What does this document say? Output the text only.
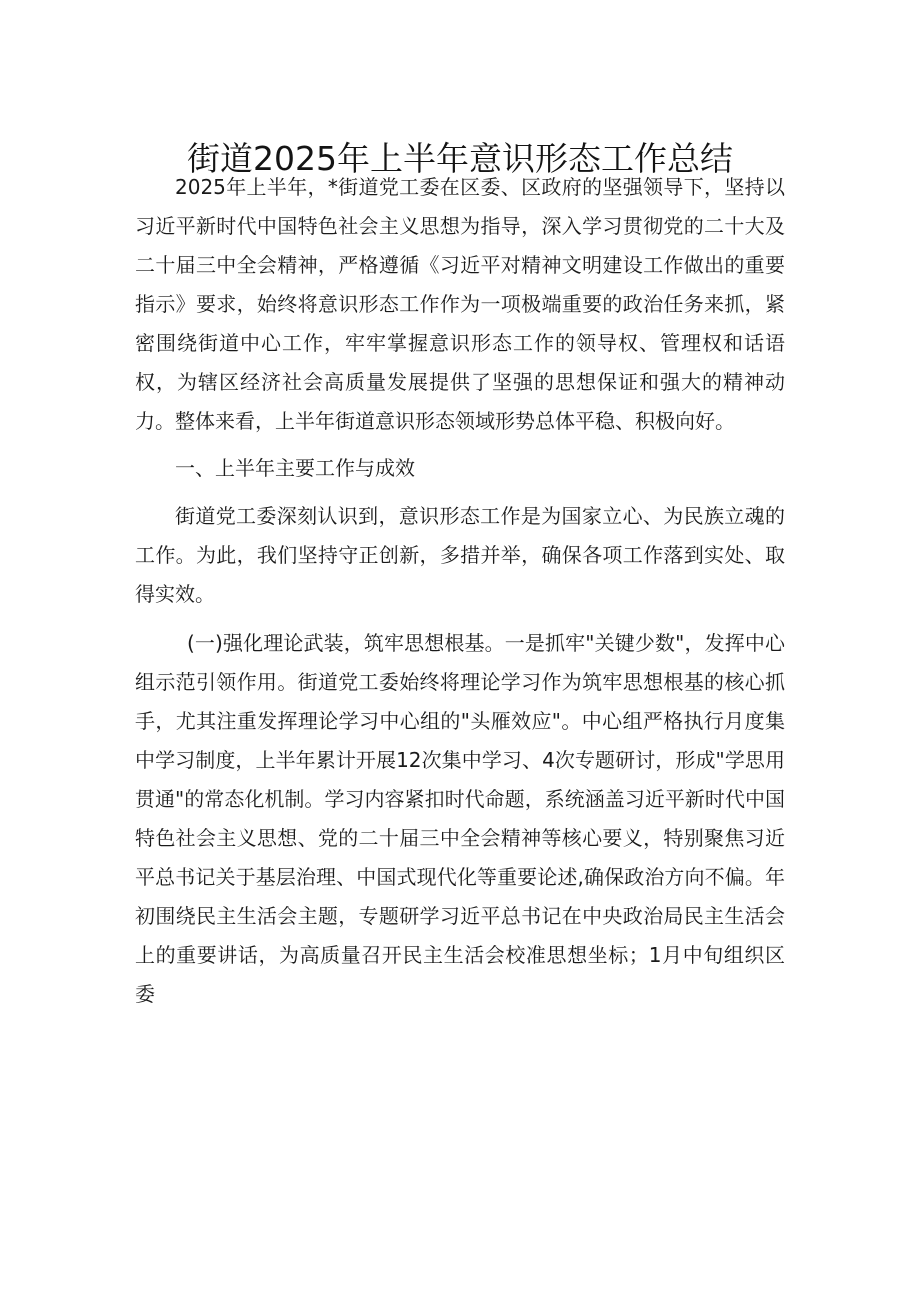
街道2025年上半年意识形态工作总结

2025年上半年，*街道党工委在区委、区政府的坚强领导下，坚持以习近平新时代中国特色社会主义思想为指导，深入学习贯彻党的二十大及二十届三中全会精神，严格遵循《习近平对精神文明建设工作做出的重要指示》要求，始终将意识形态工作作为一项极端重要的政治任务来抓，紧密围绕街道中心工作，牢牢掌握意识形态工作的领导权、管理权和话语权，为辖区经济社会高质量发展提供了坚强的思想保证和强大的精神动力。整体来看，上半年街道意识形态领域形势总体平稳、积极向好。

一、上半年主要工作与成效

街道党工委深刻认识到，意识形态工作是为国家立心、为民族立魂的工作。为此，我们坚持守正创新，多措并举，确保各项工作落到实处、取得实效。

(一)强化理论武装，筑牢思想根基。一是抓牢"关键少数"，发挥中心组示范引领作用。街道党工委始终将理论学习作为筑牢思想根基的核心抓手，尤其注重发挥理论学习中心组的"头雁效应"。中心组严格执行月度集中学习制度，上半年累计开展12次集中学习、4次专题研讨，形成"学思用贯通"的常态化机制。学习内容紧扣时代命题，系统涵盖习近平新时代中国特色社会主义思想、党的二十届三中全会精神等核心要义，特别聚焦习近平总书记关于基层治理、中国式现代化等重要论述,确保政治方向不偏。年初围绕民主生活会主题，专题研学习近平总书记在中央政治局民主生活会上的重要讲话，为高质量召开民主生活会校准思想坐标；1月中旬组织区委
